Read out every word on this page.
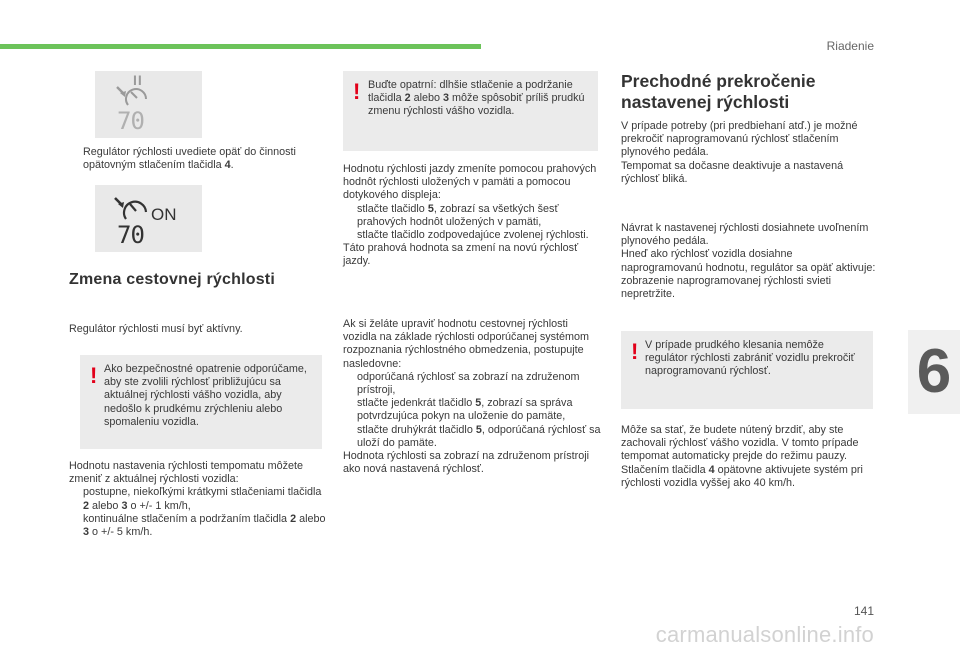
Riadenie
6
141
carmanualsonline.info
II
70
Regulátor rýchlosti uvediete opäť do činnosti opätovným stlačením tlačidla 4.
ON
70
Zmena cestovnej rýchlosti
Regulátor rýchlosti musí byť aktívny.
! Ako bezpečnostné opatrenie odporúčame, aby ste zvolili rýchlosť približujúcu sa aktuálnej rýchlosti vášho vozidla, aby nedošlo k prudkému zrýchleniu alebo spomaleniu vozidla.

Hodnotu nastavenia rýchlosti tempomatu môžete zmeniť z aktuálnej rýchlosti vozidla:

postupne, niekoľkými krátkymi stlačeniami tlačidla 2 alebo 3 o +/- 1 km/h,
kontinuálne stlačením a podržaním tlačidla 2 alebo 3 o +/- 5 km/h.
! Buďte opatrní: dlhšie stlačenie a podržanie tlačidla 2 alebo 3 môže spôsobiť príliš prudkú zmenu rýchlosti vášho vozidla.

Hodnotu rýchlosti jazdy zmeníte pomocou prahových hodnôt rýchlosti uložených v pamäti a pomocou dotykového displeja:

stlačte tlačidlo 5, zobrazí sa všetkých šesť prahových hodnôt uložených v pamäti,
stlačte tlačidlo zodpovedajúce zvolenej rýchlosti.

Táto prahová hodnota sa zmení na novú rýchlosť jazdy.

Ak si želáte upraviť hodnotu cestovnej rýchlosti vozidla na základe rýchlosti odporúčanej systémom rozpoznania rýchlostného obmedzenia, postupujte nasledovne:

odporúčaná rýchlosť sa zobrazí na združenom prístroji,
stlačte jedenkrát tlačidlo 5, zobrazí sa správa potvrdzujúca pokyn na uloženie do pamäte,
stlačte druhýkrát tlačidlo 5, odporúčaná rýchlosť sa uloží do pamäte.

Hodnota rýchlosti sa zobrazí na združenom prístroji ako nová nastavená rýchlosť.

Prechodné prekročenie
nastavenej rýchlosti

V prípade potreby (pri predbiehaní atď.) je možné prekročiť naprogramovanú rýchlosť stlačením plynového pedála.

Tempomat sa dočasne deaktivuje a nastavená rýchlosť bliká.

Návrat k nastavenej rýchlosti dosiahnete uvoľnením plynového pedála.

Hneď ako rýchlosť vozidla dosiahne naprogramovanú hodnotu, regulátor sa opäť aktivuje: zobrazenie naprogramovanej rýchlosti svieti nepretržite.

! V prípade prudkého klesania nemôže regulátor rýchlosti zabrániť vozidlu prekročiť naprogramovanú rýchlosť.

Môže sa stať, že budete nútený brzdiť, aby ste zachovali rýchlosť vášho vozidla. V tomto prípade tempomat automaticky prejde do režimu pauzy.

Stlačením tlačidla 4 opätovne aktivujete systém pri rýchlosti vozidla vyššej ako 40 km/h.
